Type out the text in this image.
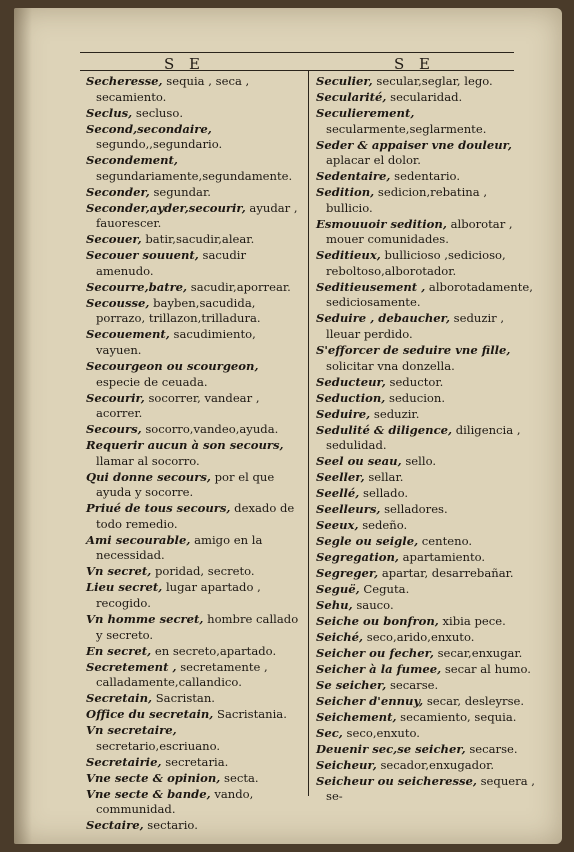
S E	S E
Secheresse, sequia , seca , secamiento.
Seclus, seclusо.
Second,secondaire, segundo,,segundario.
Secondement, segundariamente,segundamente.
Seconder, segundar.
Seconder,ayder,secourir, ayudar , fauorescer.
Secouer, batir,sacudir,alear.
Secouer souuent, sacudir amenudo.
Secourre,batre, sacudir,aporrear.
Secousse, bayben,sacudida, porrazo, trillazon,trilladura.
Secouement, sacudimiento, vayuen.
Secourgeon ou scourgeon, especie de ceuada.
Secourir, socorrer, vandear , acorrer.
Secours, socorro,vandeo,ayuda.
Requerir aucun à son secours, llamar al socorro.
Qui donne secours, por el que ayuda y socorre.
Priué de tous secours, dexado de todo remedio.
Ami secourable, amigo en la necessidad.
Vn secret, poridad, secreto.
Lieu secret, lugar apartado , recogido.
Vn homme secret, hombre callado y secreto.
En secret, en secreto,apartado.
Secretement , secretamente , calladamente,callandico.
Secretain, Sacristan.
Office du secretain, Sacristania.
Vn secretaire, secretario,escriuano.
Secretairie, secretaria.
Vne secte & opinion, secta.
Vne secte & bande, vando, communidad.
Sectaire, sectario.
Seculier, secular,seglar, lego.
Secularité, secularidad.
Seculierement, secularmente,seglarmente.
Seder & appaiser vne douleur, aplacar el dolor.
Sedentaire, sedentario.
Sedition, sedicion,rebatina , bullicio.
Esmouuoir sedition, alborotar , mouer comunidades.
Seditieux, bulliciosо ,sediciosо, reboltoso,alborotador.
Seditieusement , alborotadamente, sediciosamente.
Seduire , debaucher, seduzir , lleuar perdido.
S'efforcer de seduire vne fille, solicitar vna donzella.
Seducteur, seductor.
Seduction, seducion.
Seduire, seduzir.
Sedulité & diligence, diligencia , sedulidad.
Seel ou seau, sello.
Seeller, sellar.
Seellé, sellado.
Seelleurs, selladores.
Seeux, sedeño.
Segle ou seigle, centeno.
Segregation, apartamiento.
Segreger, apartar, desarrebañar.
Seguë, Ceguta.
Sehu, sauco.
Seiche ou bonfron, xibia pece.
Seiché, seco,arido,enxuto.
Seicher ou fecher, secar,enxugar.
Seicher à la fumee, secar al humo.
Se seicher, secarse.
Seicher d'ennuy, secar, desleyrse.
Seichement, secamiento, sequia.
Sec, seco,enxuto.
Deuenir sec,se seicher, secarse.
Seicheur, secador,enxugador.
Seicheur ou seicheresse, sequera , se-
